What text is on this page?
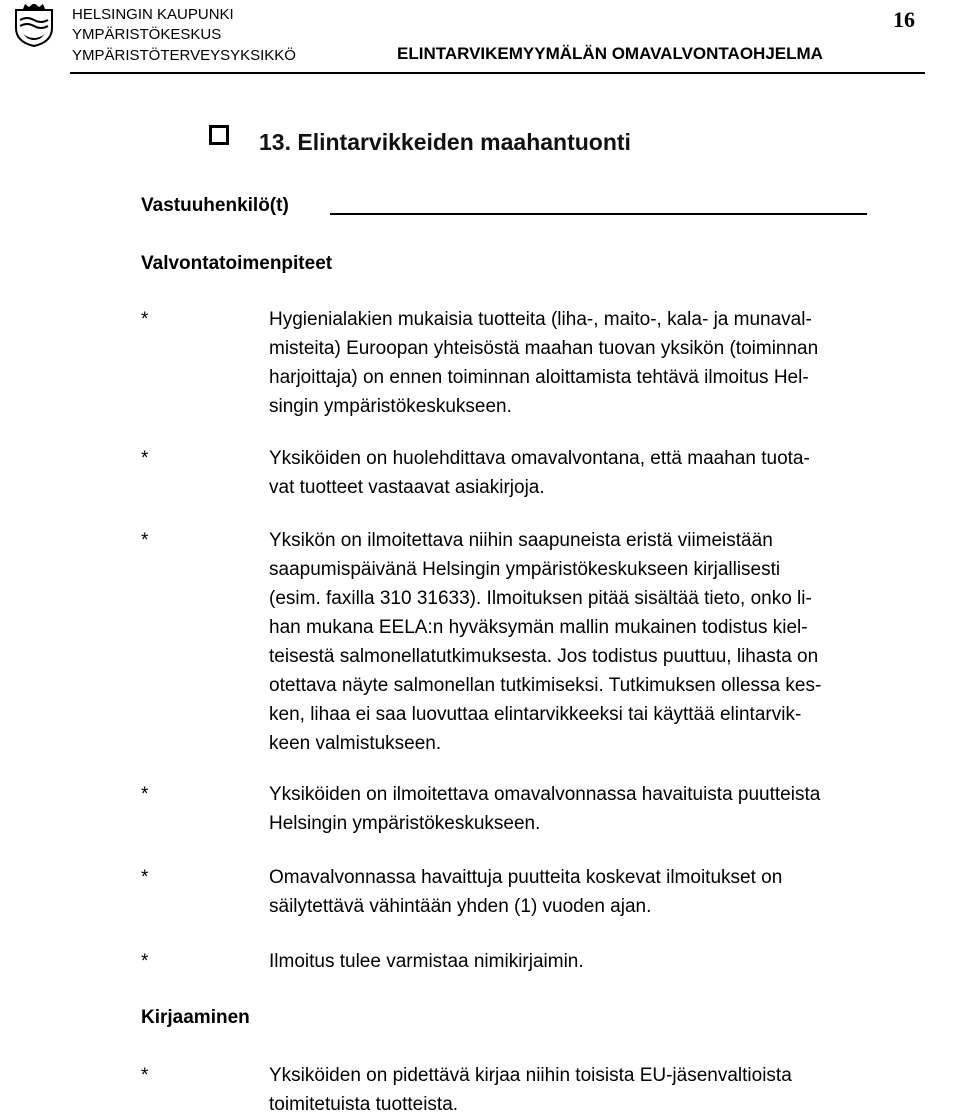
HELSINGIN KAUPUNKI
YMPÄRISTÖKESKUS
YMPÄRISTÖTERVEYSYKSIKKÖ	ELINTARVIKEMYYMÄLÄN OMAVALVONTAOHJELMA
16
13. Elintarvikkeiden maahantuonti
Vastuuhenkilö(t)
Valvontatoimenpiteet
*	Hygienialakien mukaisia tuotteita (liha-, maito-, kala- ja munaval-
misteita) Euroopan yhteisöstä maahan tuovan yksikön (toiminnan
harjoittaja) on ennen toiminnan aloittamista tehtävä ilmoitus Hel-
singin ympäristökeskukseen.
*	Yksiköiden on huolehdittava omavalvontana, että maahan tuota-
vat tuotteet vastaavat asiakirjoja.
*	Yksikön on ilmoitettava niihin saapuneista eristä viimeistään
saapumispäivänä Helsingin ympäristökeskukseen kirjallisesti
(esim. faxilla 310 31633). Ilmoituksen pitää sisältää tieto, onko li-
han mukana EELA:n hyväksymän mallin mukainen todistus kiel-
teisestä salmonellatutkimuksesta. Jos todistus puuttuu, lihasta on
otettava näyte salmonellan tutkimiseksi. Tutkimuksen ollessa kes-
ken, lihaa ei saa luovuttaa elintarvikkeeksi tai käyttää elintarvik-
keen valmistukseen.
*	Yksiköiden on ilmoitettava omavalvonnassa havaituista puutteista
Helsingin ympäristökeskukseen.
*	Omavalvonnassa havaittuja puutteita koskevat ilmoitukset on
säilytettävä vähintään yhden (1) vuoden ajan.
*	Ilmoitus tulee varmistaa nimikirjaimin.
Kirjaaminen
*	Yksiköiden on pidettävä kirjaa niihin toisista EU-jäsenvaltioista
toimitetuista tuotteista.
